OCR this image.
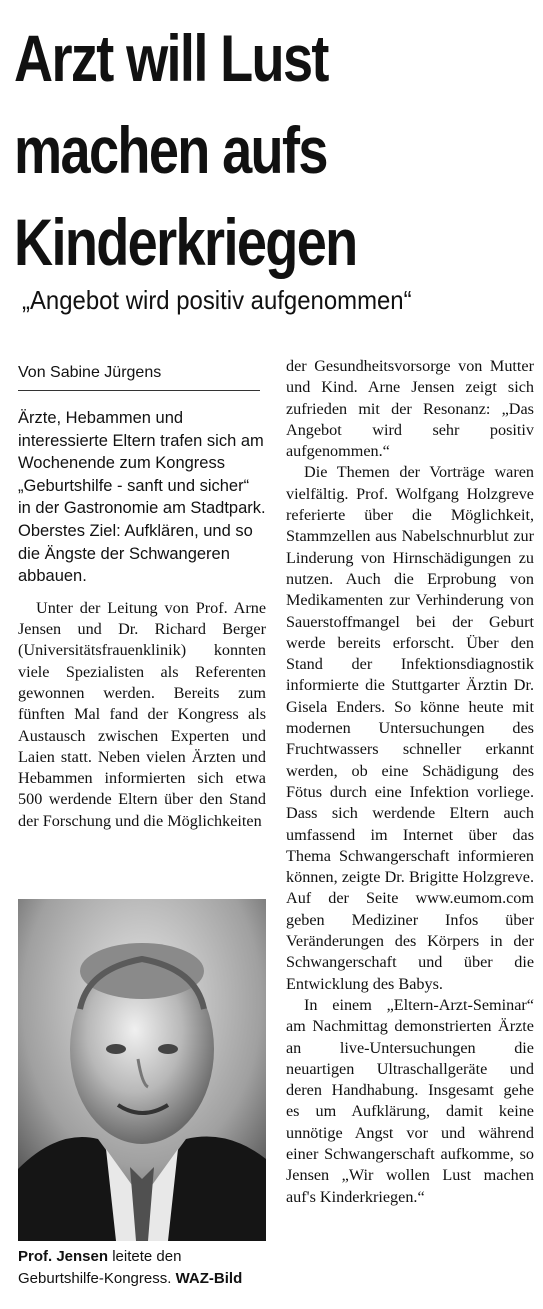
Arzt will Lust
machen aufs
Kinderkriegen
„Angebot wird positiv aufgenommen“
Von Sabine Jürgens

Ärzte, Hebammen und interessierte Eltern trafen sich am Wochenende zum Kongress „Geburtshilfe - sanft und sicher“ in der Gastronomie am Stadtpark. Oberstes Ziel: Aufklären, und so die Ängste der Schwangeren abbauen.

Unter der Leitung von Prof. Arne Jensen und Dr. Richard Berger (Universitätsfrauenklinik) konnten viele Spezialisten als Referenten gewonnen werden. Bereits zum fünften Mal fand der Kongress als Austausch zwischen Experten und Laien statt. Neben vielen Ärzten und Hebammen informierten sich etwa 500 werdende Eltern über den Stand der Forschung und die Möglichkeiten

Prof. Jensen leitete den Geburtshilfe-Kongress. WAZ-Bild

der Gesundheitsvorsorge von Mutter und Kind. Arne Jensen zeigt sich zufrieden mit der Resonanz: „Das Angebot wird sehr positiv aufgenommen.“

Die Themen der Vorträge waren vielfältig. Prof. Wolfgang Holzgreve referierte über die Möglichkeit, Stammzellen aus Nabelschnurblut zur Linderung von Hirnschädigungen zu nutzen. Auch die Erprobung von Medikamenten zur Verhinderung von Sauerstoffmangel bei der Geburt werde bereits erforscht. Über den Stand der Infektionsdiagnostik informierte die Stuttgarter Ärztin Dr. Gisela Enders. So könne heute mit modernen Untersuchungen des Fruchtwassers schneller erkannt werden, ob eine Schädigung des Fötus durch eine Infektion vorliege. Dass sich werdende Eltern auch umfassend im Internet über das Thema Schwangerschaft informieren können, zeigte Dr. Brigitte Holzgreve. Auf der Seite www.eumom.com geben Mediziner Infos über Veränderungen des Körpers in der Schwangerschaft und über die Entwicklung des Babys.

In einem „Eltern-Arzt-Seminar“ am Nachmittag demonstrierten Ärzte an live-Untersuchungen die neuartigen Ultraschallgeräte und deren Handhabung. Insgesamt gehe es um Aufklärung, damit keine unnötige Angst vor und während einer Schwangerschaft aufkomme, so Jensen „Wir wollen Lust machen auf's Kinderkriegen.“
